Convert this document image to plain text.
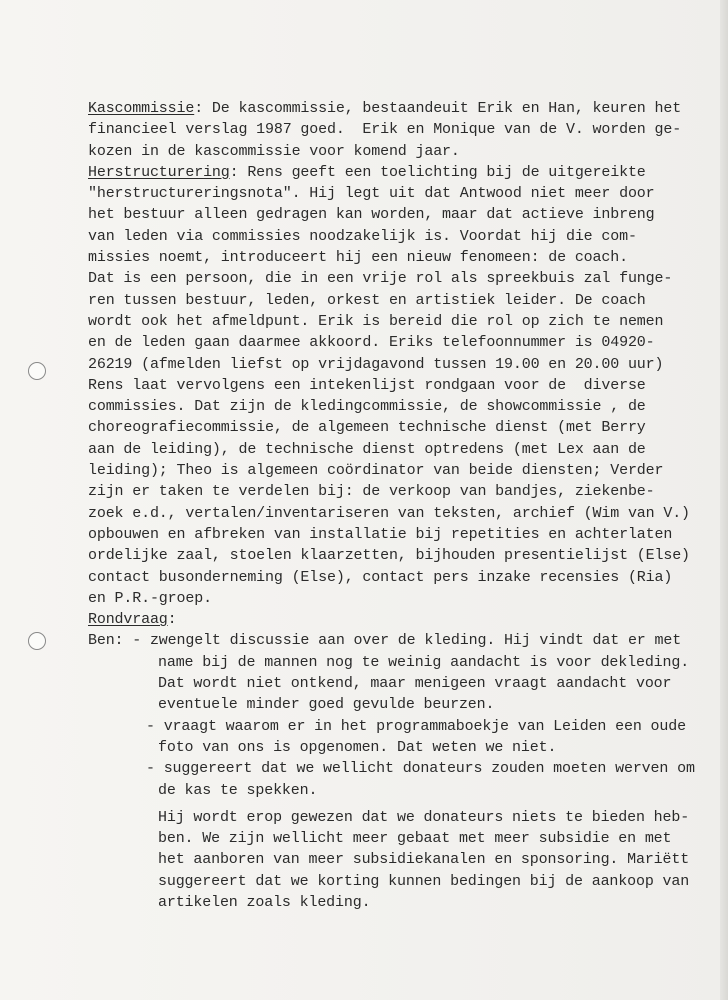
Kascommissie: De kascommissie, bestaandeuit Erik en Han, keuren het
financieel verslag 1987 goed.  Erik en Monique van de V. worden ge-
kozen in de kascommissie voor komend jaar.
Herstructurering: Rens geeft een toelichting bij de uitgereikte
"herstructureringsnota". Hij legt uit dat Antwood niet meer door
het bestuur alleen gedragen kan worden, maar dat actieve inbreng
van leden via commissies noodzakelijk is. Voordat hij die com-
missies noemt, introduceert hij een nieuw fenomeen: de coach.
Dat is een persoon, die in een vrije rol als spreekbuis zal funge-
ren tussen bestuur, leden, orkest en artistiek leider. De coach
wordt ook het afmeldpunt. Erik is bereid die rol op zich te nemen
en de leden gaan daarmee akkoord. Eriks telefoonnummer is 04920-
26219 (afmelden liefst op vrijdagavond tussen 19.00 en 20.00 uur)
Rens laat vervolgens een intekenlijst rondgaan voor de  diverse
commissies. Dat zijn de kledingcommissie, de showcommissie , de
choreografiecommissie, de algemeen technische dienst (met Berry
aan de leiding), de technische dienst optredens (met Lex aan de
leiding); Theo is algemeen coördinator van beide diensten; Verder
zijn er taken te verdelen bij: de verkoop van bandjes, ziekenbe-
zoek e.d., vertalen/inventariseren van teksten, archief (Wim van V.)
opbouwen en afbreken van installatie bij repetities en achterlaten
ordelijke zaal, stoelen klaarzetten, bijhouden presentielijst (Else)
contact busonderneming (Else), contact pers inzake recensies (Ria)
en P.R.-groep.
Rondvraag:
Ben: - zwengelt discussie aan over de kleding. Hij vindt dat er met
name bij de mannen nog te weinig aandacht is voor dekleding.
Dat wordt niet ontkend, maar menigeen vraagt aandacht voor
eventuele minder goed gevulde beurzen.
- vraagt waarom er in het programmaboekje van Leiden een oude
foto van ons is opgenomen. Dat weten we niet.
- suggereert dat we wellicht donateurs zouden moeten werven om
de kas te spekken.
Hij wordt erop gewezen dat we donateurs niets te bieden heb-
ben. We zijn wellicht meer gebaat met meer subsidie en met
het aanboren van meer subsidiekanalen en sponsoring. Mariëtt
suggereert dat we korting kunnen bedingen bij de aankoop van
artikelen zoals kleding.
